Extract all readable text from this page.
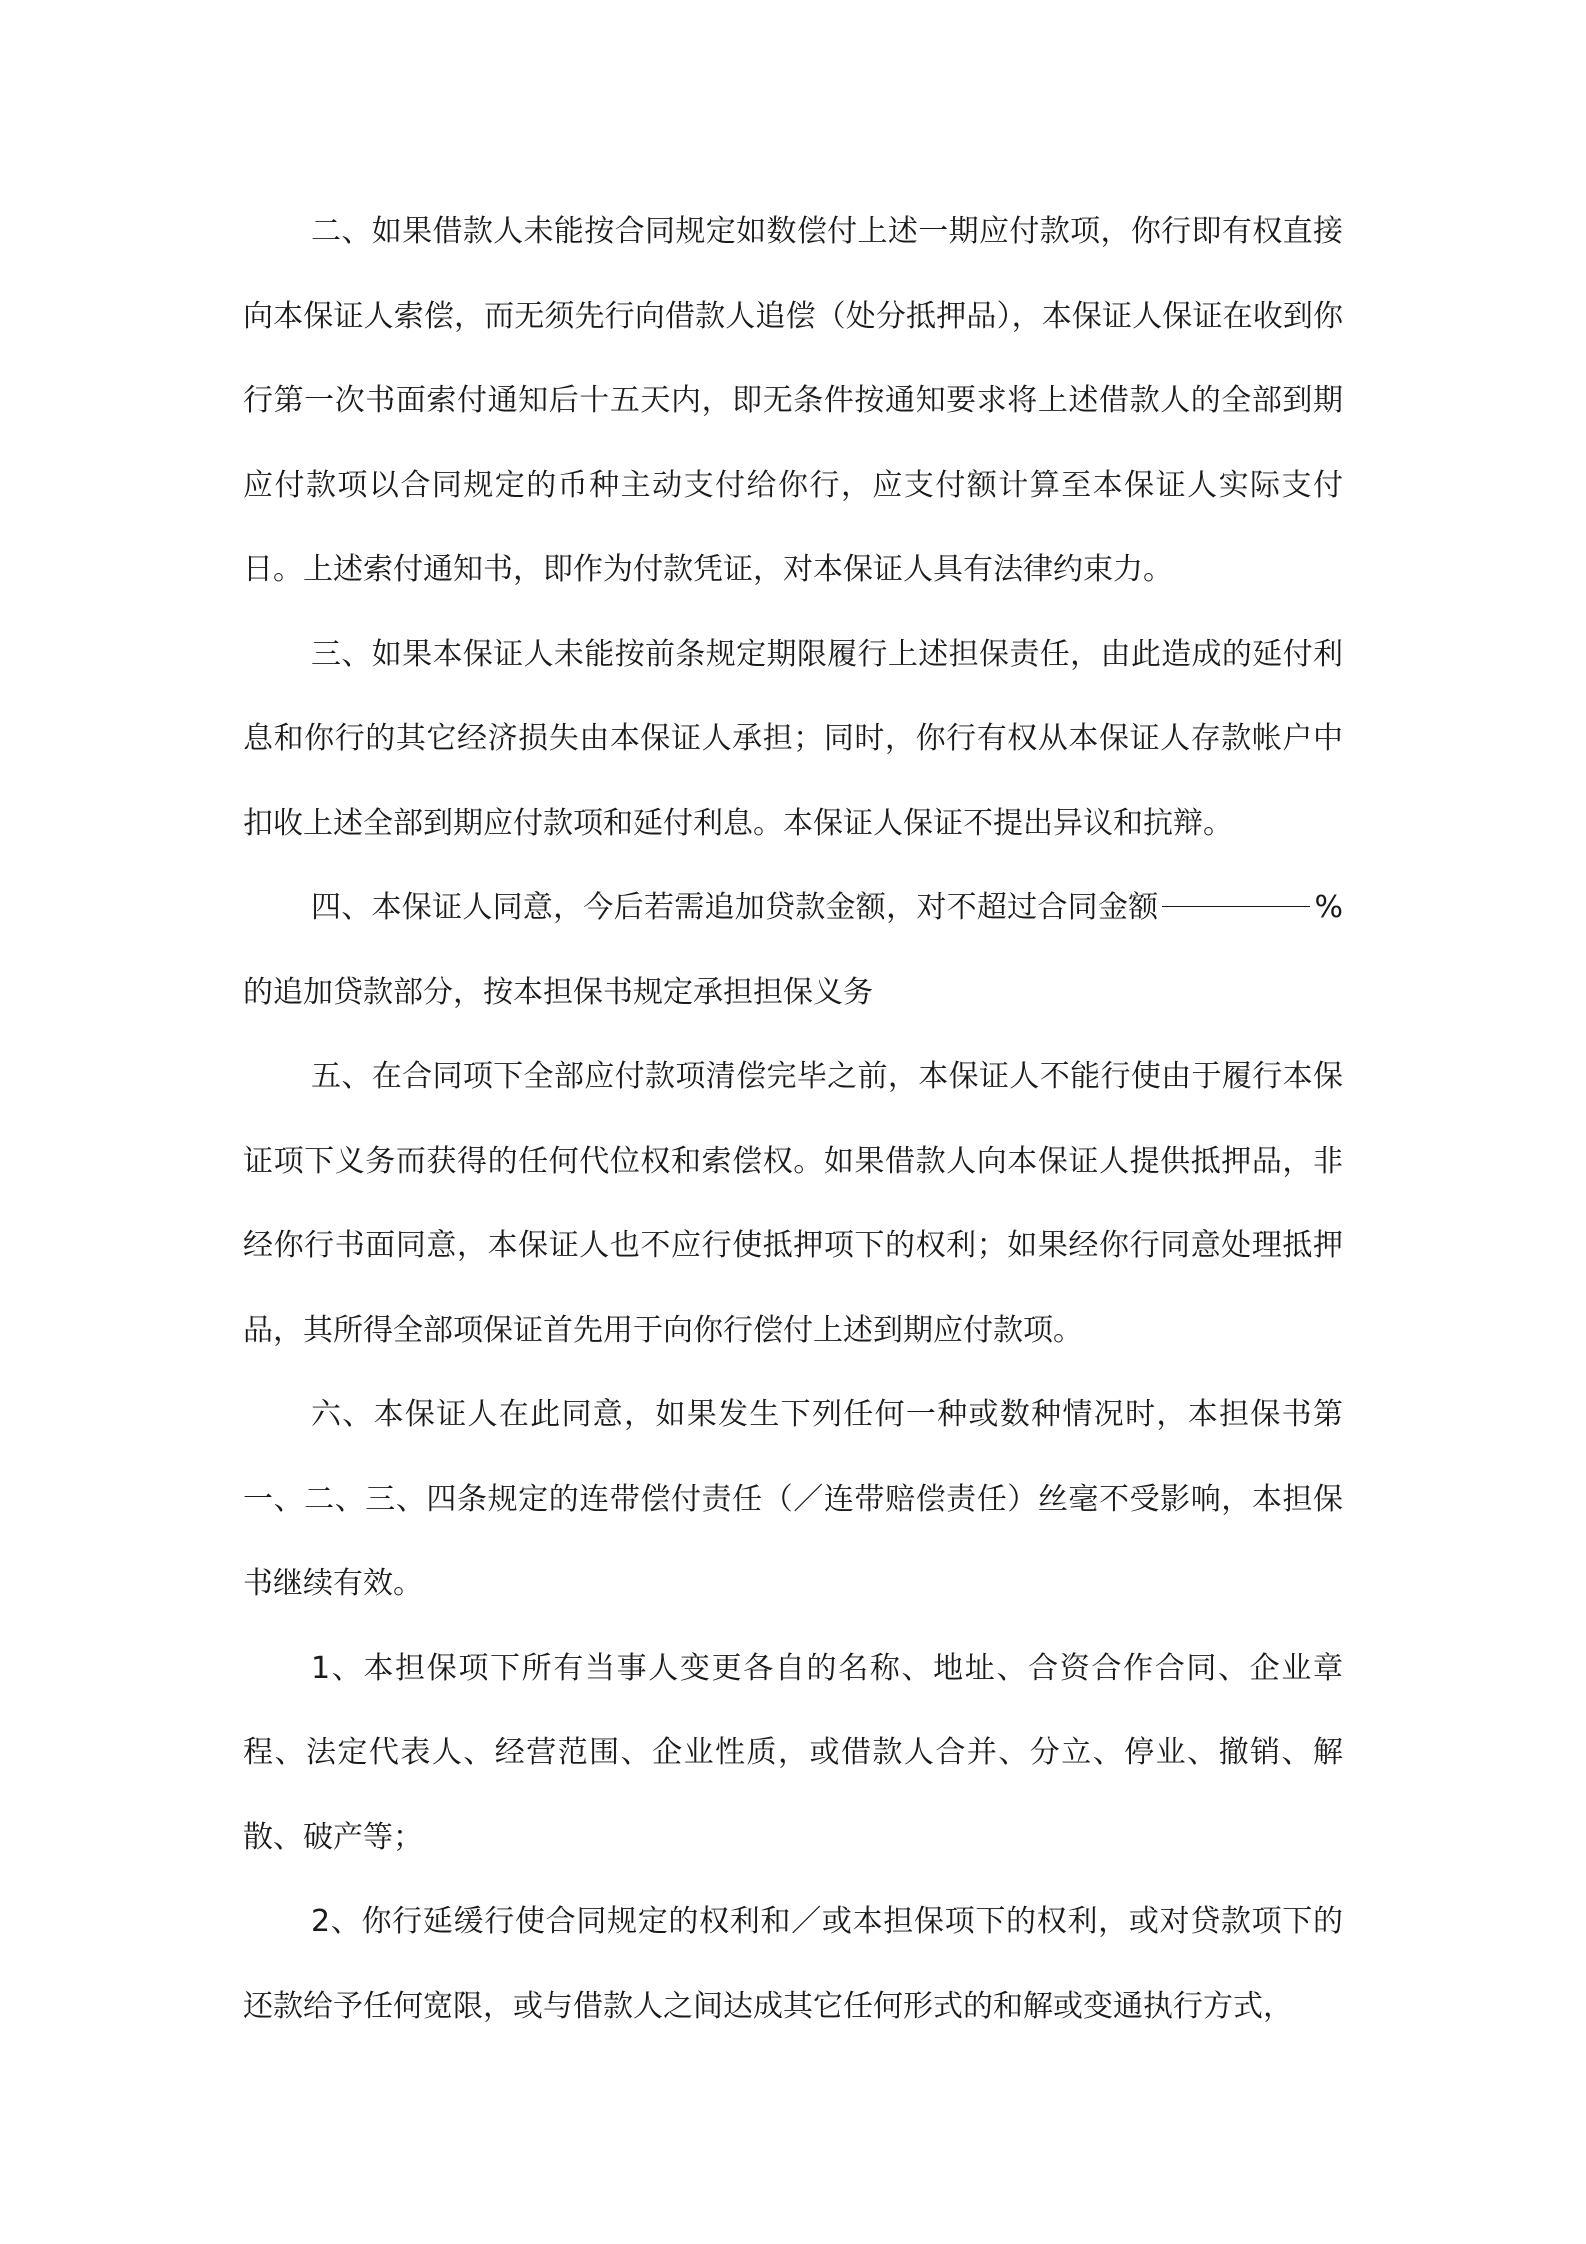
二、如果借款人未能按合同规定如数偿付上述一期应付款项，你行即有权直接向本保证人索偿，而无须先行向借款人追偿（处分抵押品），本保证人保证在收到你行第一次书面索付通知后十五天内，即无条件按通知要求将上述借款人的全部到期应付款项以合同规定的币种主动支付给你行，应支付额计算至本保证人实际支付日。上述索付通知书，即作为付款凭证，对本保证人具有法律约束力。

三、如果本保证人未能按前条规定期限履行上述担保责任，由此造成的延付利息和你行的其它经济损失由本保证人承担；同时，你行有权从本保证人存款帐户中扣收上述全部到期应付款项和延付利息。本保证人保证不提出异议和抗辩。

四、本保证人同意，今后若需追加贷款金额，对不超过合同金额	%的追加贷款部分，按本担保书规定承担担保义务

五、在合同项下全部应付款项清偿完毕之前，本保证人不能行使由于履行本保证项下义务而获得的任何代位权和索偿权。如果借款人向本保证人提供抵押品，非经你行书面同意，本保证人也不应行使抵押项下的权利；如果经你行同意处理抵押品，其所得全部项保证首先用于向你行偿付上述到期应付款项。

六、本保证人在此同意，如果发生下列任何一种或数种情况时，本担保书第一、二、三、四条规定的连带偿付责任（／连带赔偿责任）丝毫不受影响，本担保书继续有效。

1、本担保项下所有当事人变更各自的名称、地址、合资合作合同、企业章程、法定代表人、经营范围、企业性质，或借款人合并、分立、停业、撤销、解散、破产等；

2、你行延缓行使合同规定的权利和／或本担保项下的权利，或对贷款项下的还款给予任何宽限，或与借款人之间达成其它任何形式的和解或变通执行方式，
